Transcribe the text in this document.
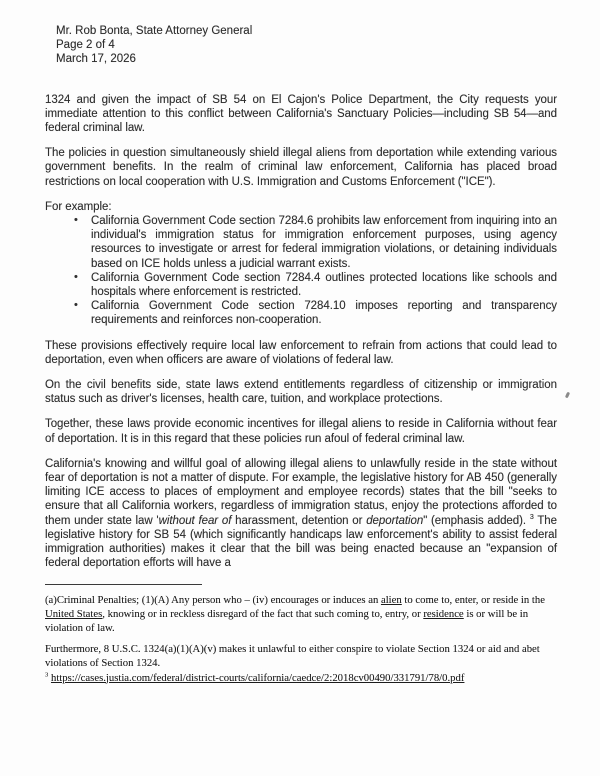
Mr. Rob Bonta, State Attorney General
Page 2 of 4
March 17, 2026

1324 and given the impact of SB 54 on El Cajon's Police Department, the City requests your immediate attention to this conflict between California's Sanctuary Policies—including SB 54—and federal criminal law.

The policies in question simultaneously shield illegal aliens from deportation while extending various government benefits. In the realm of criminal law enforcement, California has placed broad restrictions on local cooperation with U.S. Immigration and Customs Enforcement ("ICE").

For example:

• California Government Code section 7284.6 prohibits law enforcement from inquiring into an individual's immigration status for immigration enforcement purposes, using agency resources to investigate or arrest for federal immigration violations, or detaining individuals based on ICE holds unless a judicial warrant exists.
• California Government Code section 7284.4 outlines protected locations like schools and hospitals where enforcement is restricted.
• California Government Code section 7284.10 imposes reporting and transparency requirements and reinforces non-cooperation.

These provisions effectively require local law enforcement to refrain from actions that could lead to deportation, even when officers are aware of violations of federal law.

On the civil benefits side, state laws extend entitlements regardless of citizenship or immigration status such as driver's licenses, health care, tuition, and workplace protections.

Together, these laws provide economic incentives for illegal aliens to reside in California without fear of deportation. It is in this regard that these policies run afoul of federal criminal law.

California's knowing and willful goal of allowing illegal aliens to unlawfully reside in the state without fear of deportation is not a matter of dispute. For example, the legislative history for AB 450 (generally limiting ICE access to places of employment and employee records) states that the bill "seeks to ensure that all California workers, regardless of immigration status, enjoy the protections afforded to them under state law 'without fear of harassment, detention or deportation" (emphasis added). $^3$ The legislative history for SB 54 (which significantly handicaps law enforcement's ability to assist federal immigration authorities) makes it clear that the bill was being enacted because an "expansion of federal deportation efforts will have a

(a)Criminal Penalties; (1)(A) Any person who – (iv) encourages or induces an alien to come to, enter, or reside in the United States, knowing or in reckless disregard of the fact that such coming to, entry, or residence is or will be in violation of law.

Furthermore, 8 U.S.C. 1324(a)(1)(A)(v) makes it unlawful to either conspire to violate Section 1324 or aid and abet violations of Section 1324.

$^3$ https://cases.justia.com/federal/district-courts/california/caedce/2:2018cv00490/331791/78/0.pdf
